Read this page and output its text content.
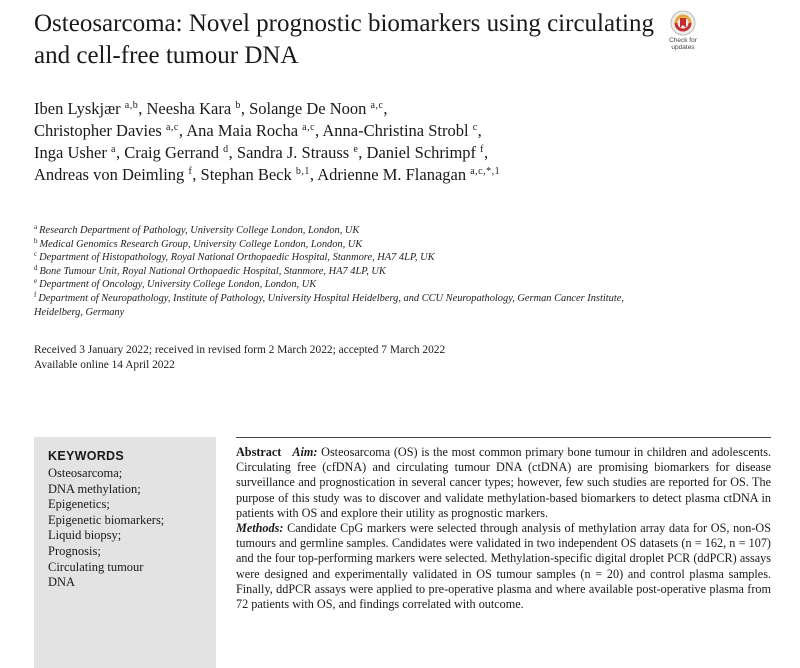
Osteosarcoma: Novel prognostic biomarkers using circulating and cell-free tumour DNA
Check for
updates
Iben Lyskjær $^{a,b}$, Neesha Kara $^b$, Solange De Noon $^{a,c}$,
Christopher Davies $^{a,c}$, Ana Maia Rocha $^{a,c}$, Anna-Christina Strobl $^c$,
Inga Usher $^a$, Craig Gerrand $^d$, Sandra J. Strauss $^e$, Daniel Schrimpf $^f$,
Andreas von Deimling $^f$, Stephan Beck $^{b,1}$, Adrienne M. Flanagan $^{a,c,*,1}$
$^a$ Research Department of Pathology, University College London, London, UK
$^b$ Medical Genomics Research Group, University College London, London, UK
$^c$ Department of Histopathology, Royal National Orthopaedic Hospital, Stanmore, HA7 4LP, UK
$^d$ Bone Tumour Unit, Royal National Orthopaedic Hospital, Stanmore, HA7 4LP, UK
$^e$ Department of Oncology, University College London, London, UK
$^f$ Department of Neuropathology, Institute of Pathology, University Hospital Heidelberg, and CCU Neuropathology, German Cancer Institute, Heidelberg, Germany
Received 3 January 2022; received in revised form 2 March 2022; accepted 7 March 2022
Available online 14 April 2022
KEYWORDS
Osteosarcoma;
DNA methylation;
Epigenetics;
Epigenetic biomarkers;
Liquid biopsy;
Prognosis;
Circulating tumour DNA

Abstract Aim: Osteosarcoma (OS) is the most common primary bone tumour in children and adolescents. Circulating free (cfDNA) and circulating tumour DNA (ctDNA) are promising biomarkers for disease surveillance and prognostication in several cancer types; however, few such studies are reported for OS. The purpose of this study was to discover and validate methylation-based biomarkers to detect plasma ctDNA in patients with OS and explore their utility as prognostic markers.

Methods: Candidate CpG markers were selected through analysis of methylation array data for OS, non-OS tumours and germline samples. Candidates were validated in two independent OS datasets (n = 162, n = 107) and the four top-performing markers were selected. Methylation-specific digital droplet PCR (ddPCR) assays were designed and experimentally validated in OS tumour samples (n = 20) and control plasma samples. Finally, ddPCR assays were applied to pre-operative plasma and where available post-operative plasma from 72 patients with OS, and findings correlated with outcome.
